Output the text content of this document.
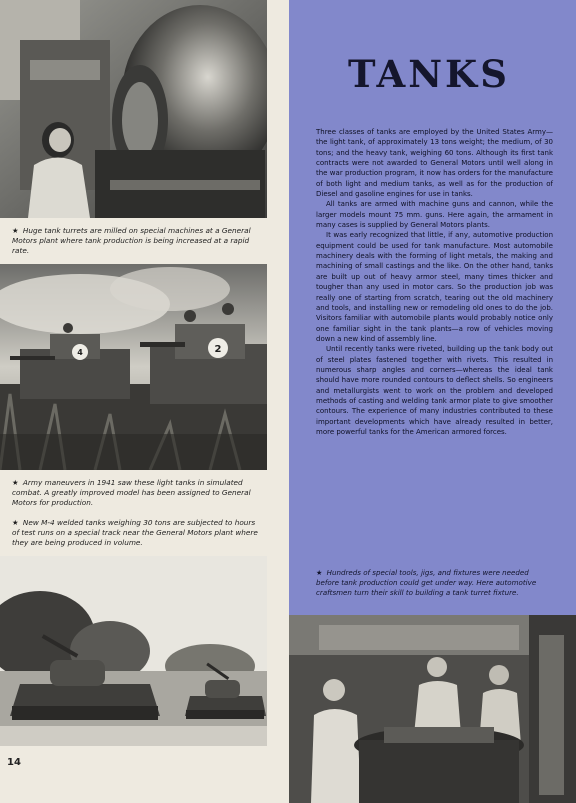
★ Huge tank turrets are milled on special machines at a General Motors plant where tank production is being increased at a rapid rate.
4	2
★ Army maneuvers in 1941 saw these light tanks in simulated combat. A greatly improved model has been assigned to General Motors for production.
★ New M-4 welded tanks weighing 30 tons are subjected to hours of test runs on a special track near the General Motors plant where they are being produced in volume.
14
TANKS

Three classes of tanks are employed by the United States Army—the light tank, of approximately 13 tons weight; the medium, of 30 tons; and the heavy tank, weighing 60 tons. Although its first tank contracts were not awarded to General Motors until well along in the war production program, it now has orders for the manufacture of both light and medium tanks, as well as for the production of Diesel and gasoline engines for use in tanks.

All tanks are armed with machine guns and cannon, while the larger models mount 75 mm. guns. Here again, the armament in many cases is supplied by General Motors plants.

It was early recognized that little, if any, automotive production equipment could be used for tank manufacture. Most automobile machinery deals with the forming of light metals, the making and machining of small castings and the like. On the other hand, tanks are built up out of heavy armor steel, many times thicker and tougher than any used in motor cars. So the production job was really one of starting from scratch, tearing out the old machinery and tools, and installing new or remodeling old ones to do the job. Visitors familiar with automobile plants would probably notice only one familiar sight in the tank plants—a row of vehicles moving down a new kind of assembly line.

Until recently tanks were riveted, building up the tank body out of steel plates fastened together with rivets. This resulted in numerous sharp angles and corners—whereas the ideal tank should have more rounded contours to deflect shells. So engineers and metallurgists went to work on the problem and developed methods of casting and welding tank armor plate to give smoother contours. The experience of many industries contributed to these important developments which have already resulted in better, more powerful tanks for the American armored forces.

★ Hundreds of special tools, jigs, and fixtures were needed before tank production could get under way. Here automotive craftsmen turn their skill to building a tank turret fixture.
